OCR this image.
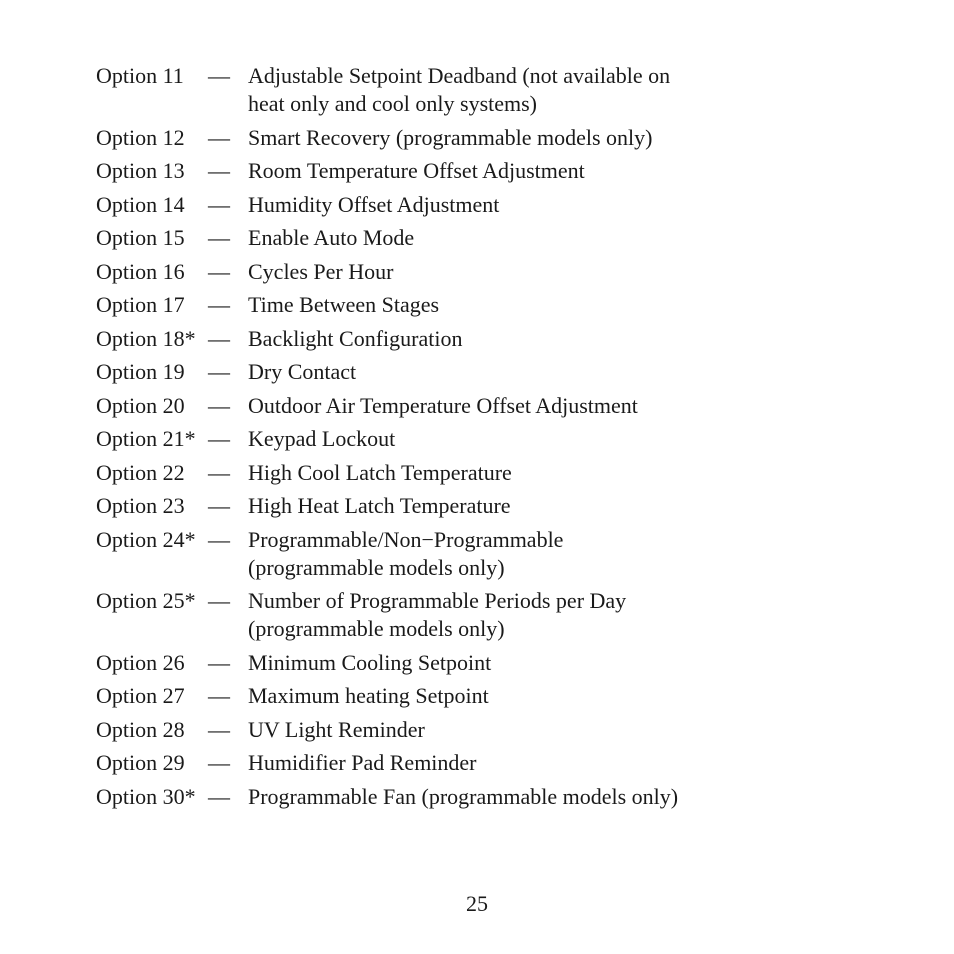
Option 11	— Adjustable Setpoint Deadband (not available on heat only and cool only systems)
Option 12	— Smart Recovery (programmable models only)
Option 13	— Room Temperature Offset Adjustment
Option 14	— Humidity Offset Adjustment
Option 15	— Enable Auto Mode
Option 16	— Cycles Per Hour
Option 17	— Time Between Stages
Option 18* — Backlight Configuration
Option 19	— Dry Contact
Option 20	— Outdoor Air Temperature Offset Adjustment
Option 21* — Keypad Lockout
Option 22	— High Cool Latch Temperature
Option 23	— High Heat Latch Temperature
Option 24* — Programmable/Non−Programmable (programmable models only)
Option 25* — Number of Programmable Periods per Day (programmable models only)
Option 26	— Minimum Cooling Setpoint
Option 27	— Maximum heating Setpoint
Option 28	— UV Light Reminder
Option 29	— Humidifier Pad Reminder
Option 30* — Programmable Fan (programmable models only)
25
